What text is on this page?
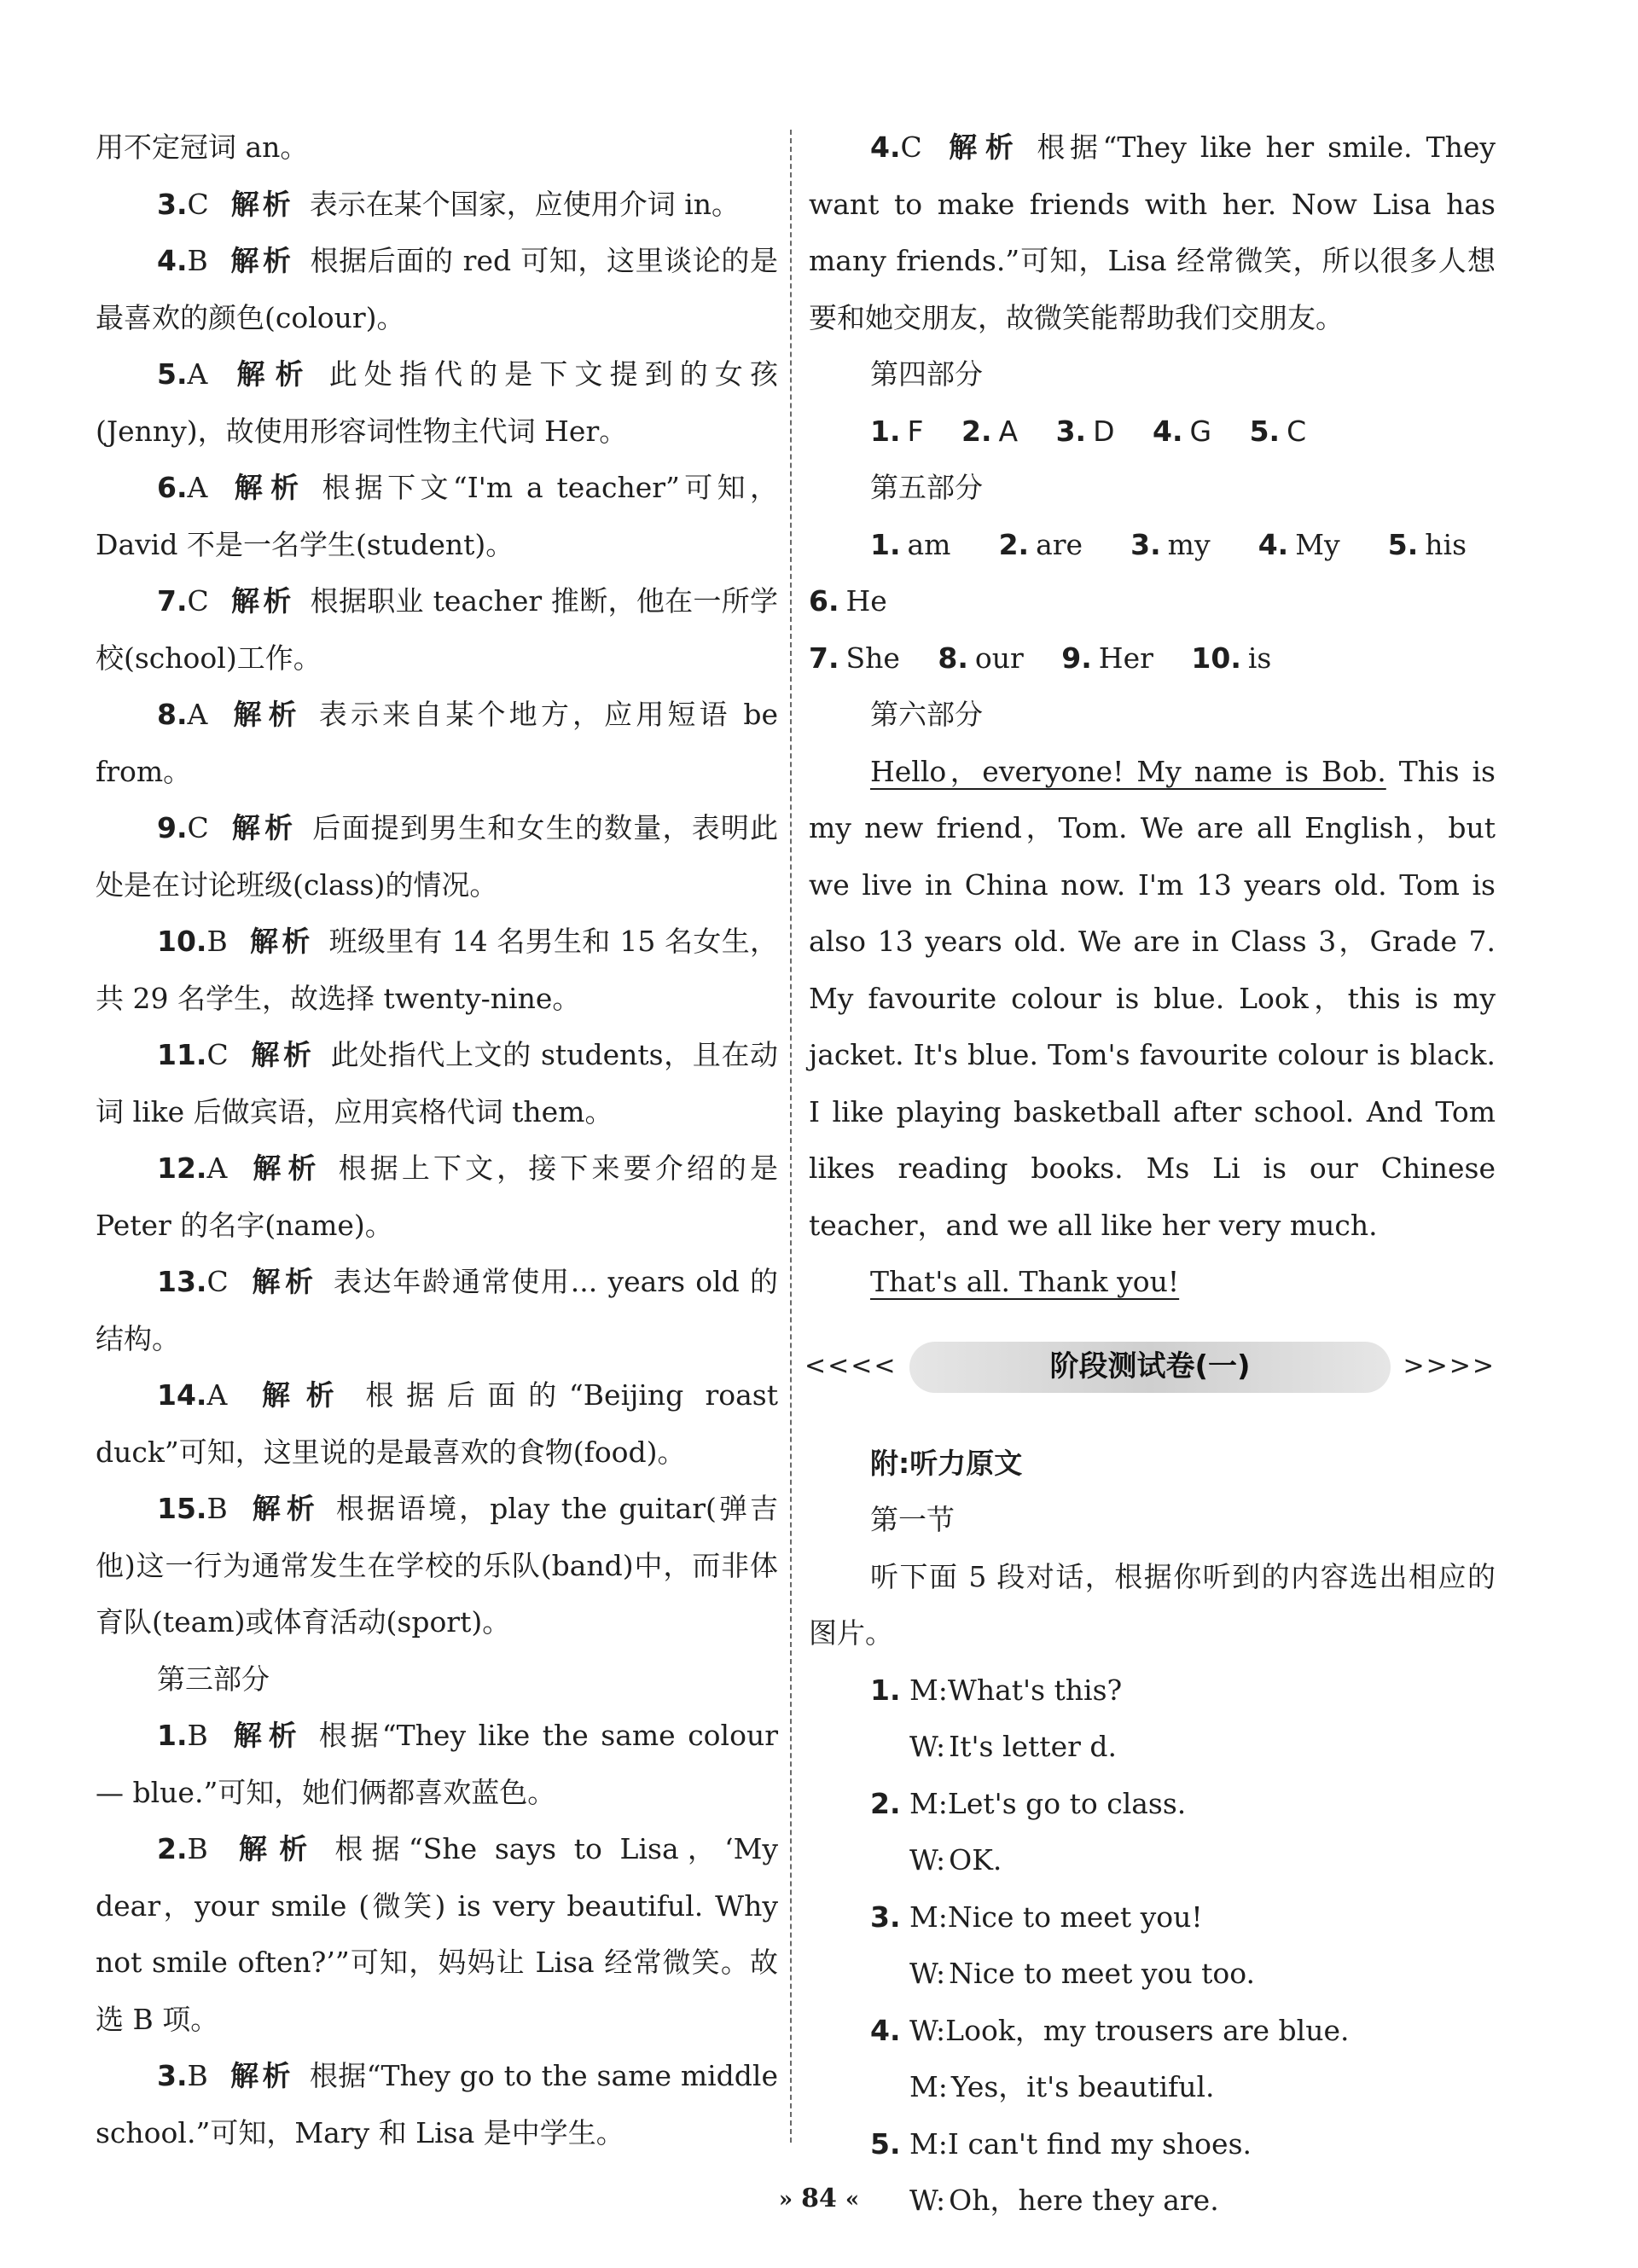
用不定冠词 an。

3.C 解析 表示在某个国家，应使用介词 in。

4.B 解析 根据后面的 red 可知，这里谈论的是最喜欢的颜色(colour)。

5.A 解析 此处指代的是下文提到的女孩(Jenny)，故使用形容词性物主代词 Her。

6.A 解析 根据下文“I'm a teacher”可知，David 不是一名学生(student)。

7.C 解析 根据职业 teacher 推断，他在一所学校(school)工作。

8.A 解析 表示来自某个地方，应用短语 be from。

9.C 解析 后面提到男生和女生的数量，表明此处是在讨论班级(class)的情况。

10.B 解析 班级里有 14 名男生和 15 名女生，共 29 名学生，故选择 twenty-nine。

11.C 解析 此处指代上文的 students，且在动词 like 后做宾语，应用宾格代词 them。

12.A 解析 根据上下文，接下来要介绍的是 Peter 的名字(name)。

13.C 解析 表达年龄通常使用... years old 的结构。

14.A 解析 根据后面的“Beijing roast duck”可知，这里说的是最喜欢的食物(food)。

15.B 解析 根据语境，play the guitar(弹吉他)这一行为通常发生在学校的乐队(band)中，而非体育队(team)或体育活动(sport)。

第三部分

1.B 解析 根据“They like the same colour — blue.”可知，她们俩都喜欢蓝色。

2.B 解析 根据“She says to Lisa，‘My dear，your smile (微笑) is very beautiful. Why not smile often?’”可知，妈妈让 Lisa 经常微笑。故选 B 项。

3.B 解析 根据“They go to the same middle school.”可知，Mary 和 Lisa 是中学生。

4.C 解析 根据“They like her smile. They want to make friends with her. Now Lisa has many friends.”可知，Lisa 经常微笑，所以很多人想要和她交朋友，故微笑能帮助我们交朋友。

第四部分

1. F 2. A 3. D 4. G 5. C

第五部分

1. am 2. are 3. my 4. My 5. his 6. He

7. She 8. our 9. Her 10. is

第六部分

Hello，everyone! My name is Bob. This is my new friend，Tom. We are all English，but we live in China now. I'm 13 years old. Tom is also 13 years old. We are in Class 3，Grade 7. My favourite colour is blue. Look，this is my jacket. It's blue. Tom's favourite colour is black. I like playing basketball after school. And Tom likes reading books. Ms Li is our Chinese teacher，and we all like her very much.

That's all. Thank you!

<<<<	阶段测试卷(一)	>>>>

附:听力原文

第一节

听下面 5 段对话，根据你听到的内容选出相应的图片。

1. M:What's this?

W: It's letter d.

2. M:Let's go to class.

W: OK.

3. M:Nice to meet you!

W: Nice to meet you too.

4. W:Look，my trousers are blue.

M: Yes，it's beautiful.

5. M:I can't find my shoes.

W: Oh，here they are.

» 84 «
